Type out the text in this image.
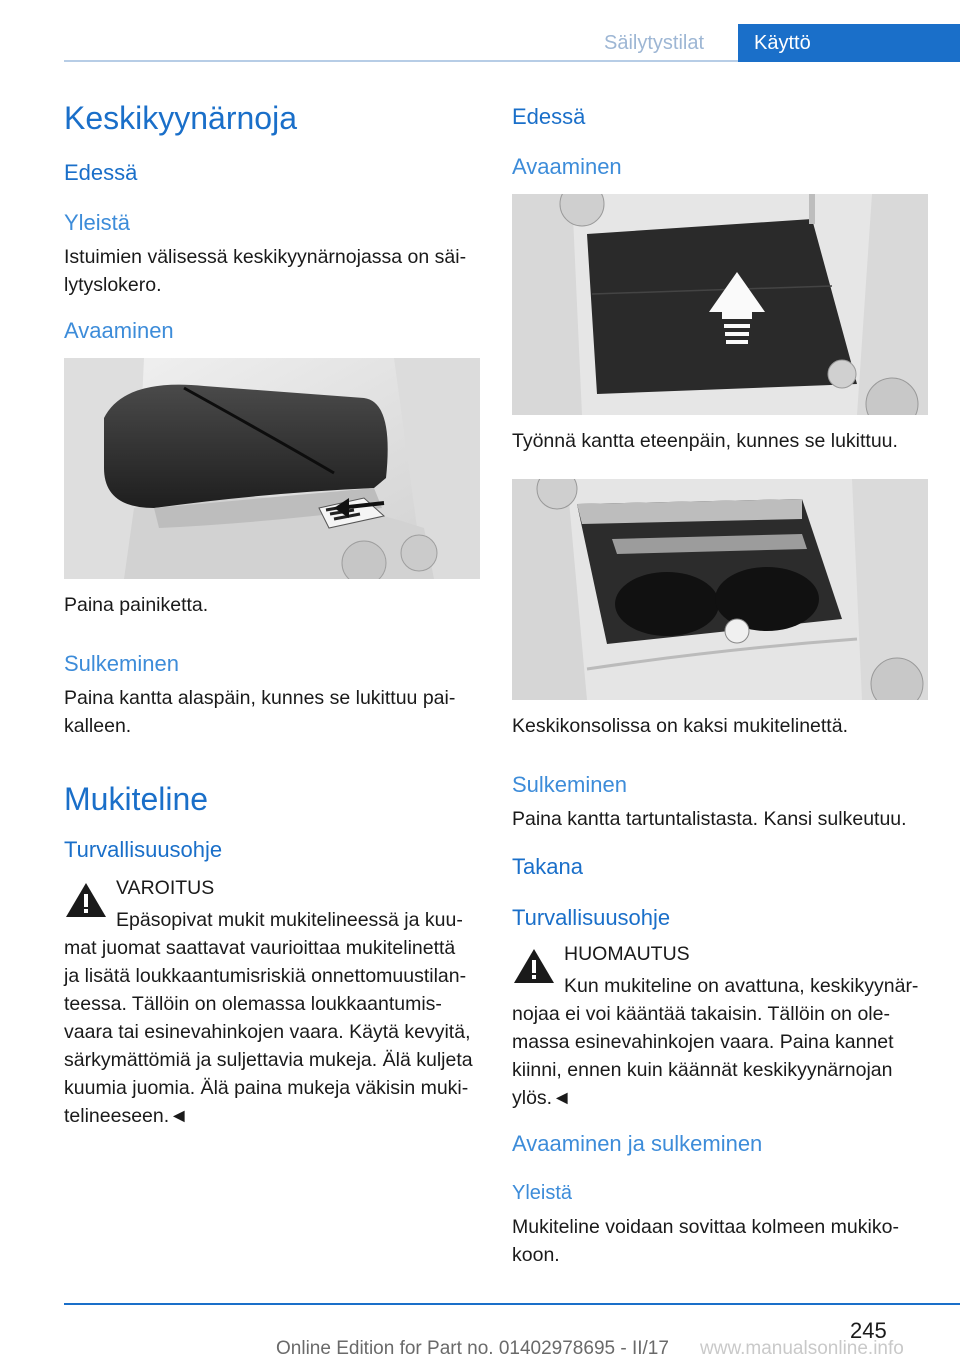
Säilytystilat Käyttö
Keskikyynärnoja
Edessä
Yleistä

Istuimien välisessä keskikyynärnojassa on säi-

lytyslokero.

Avaaminen
Paina painiketta.
Sulkeminen

Paina kantta alaspäin, kunnes se lukittuu pai-

kalleen.

Mukiteline
Turvallisuusohje
VAROITUS

Epäsopivat mukit mukitelineessä ja kuu-

mat juomat saattavat vaurioittaa mukitelinettä

ja lisätä loukkaantumisriskiä onnettomuustilan-

teessa. Tällöin on olemassa loukkaantumis-

vaara tai esinevahinkojen vaara. Käytä kevyitä,

särkymättömiä ja suljettavia mukeja. Älä kuljeta

kuumia juomia. Älä paina mukeja väkisin muki-

telineeseen.◄

Edessä
Avaaminen
Työnnä kantta eteenpäin, kunnes se lukittuu.
Keskikonsolissa on kaksi mukitelinettä.
Sulkeminen
Paina kantta tartuntalistasta. Kansi sulkeutuu.
Takana
Turvallisuusohje
HUOMAUTUS

Kun mukiteline on avattuna, keskikyynär-

nojaa ei voi kääntää takaisin. Tällöin on ole-

massa esinevahinkojen vaara. Paina kannet

kiinni, ennen kuin käännät keskikyynärnojan

ylös.◄

Avaaminen ja sulkeminen
Yleistä

Mukiteline voidaan sovittaa kolmeen mukiko-

koon.

245
Online Edition for Part no. 01402978695 - II/17 www.manualsonline.info
